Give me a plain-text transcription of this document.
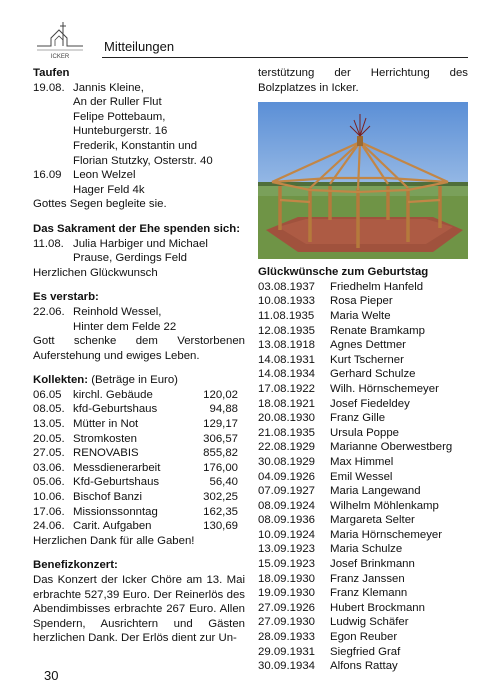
ICKER
Mitteilungen
Taufen
19.08. Jannis Kleine,
An der Ruller Flut
Felipe Pottebaum,
Hunteburgerstr. 16
Frederik, Konstantin und
Florian Stutzky, Osterstr. 40
16.09	Leon Welzel
Hager Feld 4k
Gottes Segen begleite sie.
Das Sakrament der Ehe spenden sich:
11.08. Julia Harbiger und Michael
Prause, Gerdings Feld
Herzlichen Glückwunsch
Es verstarb:
22.06. Reinhold Wessel,
Hinter dem Felde 22
Gott schenke dem Verstorbenen Auferstehung und ewiges Leben.
Kollekten: (Beträge in Euro)
06.05	kirchl. Gebäude	120,02
08.05. kfd-Geburtshaus	94,88
13.05. Mütter in Not	129,17
20.05. Stromkosten	306,57
27.05. RENOVABIS	855,82
03.06. Messdienerarbeit	176,00
05.06. Kfd-Geburtshaus	56,40
10.06. Bischof Banzi	302,25
17.06. Missionssonntag	162,35
24.06. Carit. Aufgaben	130,69
Herzlichen Dank für alle Gaben!
Benefizkonzert:
Das Konzert der Icker Chöre am 13. Mai erbrachte 527,39 Euro. Der Reinerlös des Abendimbisses erbrachte 267 Euro. Allen Spendern, Ausrichtern und Gästen herzlichen Dank. Der Erlös dient zur Un-
terstützung der Herrichtung des Bolzplatzes in Icker.
Glückwünsche zum Geburtstag
03.08.1937	Friedhelm Hanfeld
10.08.1933	Rosa Pieper
11.08.1935	Maria Welte
12.08.1935	Renate Bramkamp
13.08.1918	Agnes Dettmer
14.08.1931	Kurt Tscherner
14.08.1934	Gerhard Schulze
17.08.1922	Wilh. Hörnschemeyer
18.08.1921	Josef Fiedeldey
20.08.1930	Franz Gille
21.08.1935	Ursula Poppe
22.08.1929	Marianne Oberwestberg
30.08.1929	Max Himmel
04.09.1926	Emil Wessel
07.09.1927	Maria Langewand
08.09.1924	Wilhelm Möhlenkamp
08.09.1936	Margareta Selter
10.09.1924	Maria Hörnschemeyer
13.09.1923	Maria Schulze
15.09.1923	Josef Brinkmann
18.09.1930	Franz Janssen
19.09.1930	Franz Klemann
27.09.1926	Hubert Brockmann
27.09.1930	Ludwig Schäfer
28.09.1933	Egon Reuber
29.09.1931	Siegfried Graf
30.09.1934	Alfons Rattay
30
